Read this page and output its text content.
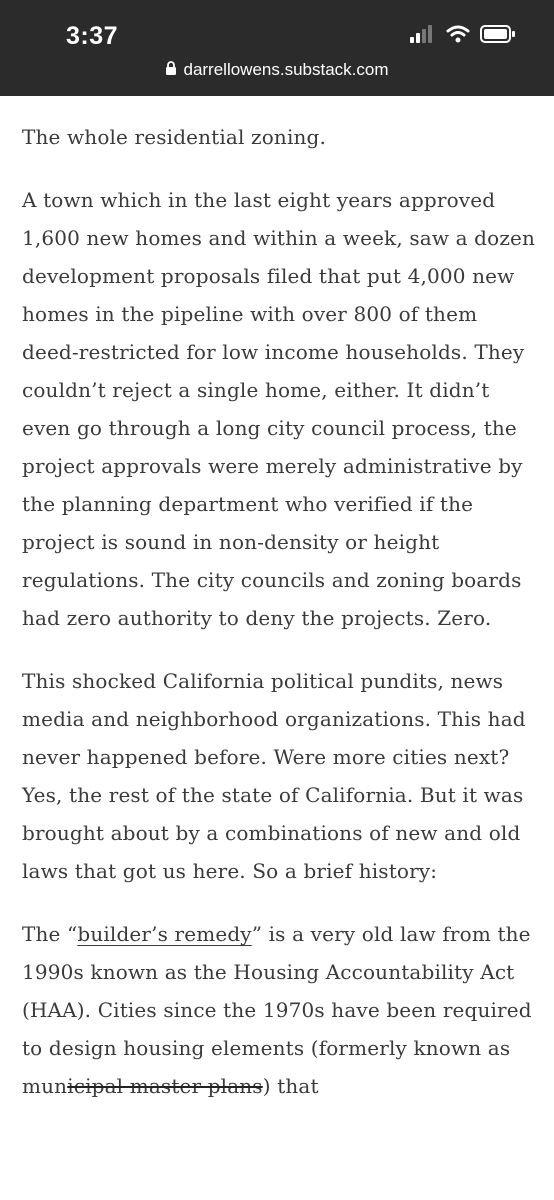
3:37
darrellowens.substack.com

The whole residential zoning.

A town which in the last eight years approved 1,600 new homes and within a week, saw a dozen development proposals filed that put 4,000 new homes in the pipeline with over 800 of them deed-restricted for low income households. They couldn’t reject a single home, either. It didn’t even go through a long city council process, the project approvals were merely administrative by the planning department who verified if the project is sound in non-density or height regulations. The city councils and zoning boards had zero authority to deny the projects. Zero.

This shocked California political pundits, news media and neighborhood organizations. This had never happened before. Were more cities next? Yes, the rest of the state of California. But it was brought about by a combinations of new and old laws that got us here. So a brief history:

The “builder’s remedy” is a very old law from the 1990s known as the Housing Accountability Act (HAA). Cities since the 1970s have been required to design housing elements (formerly known as municipal master plans) that
